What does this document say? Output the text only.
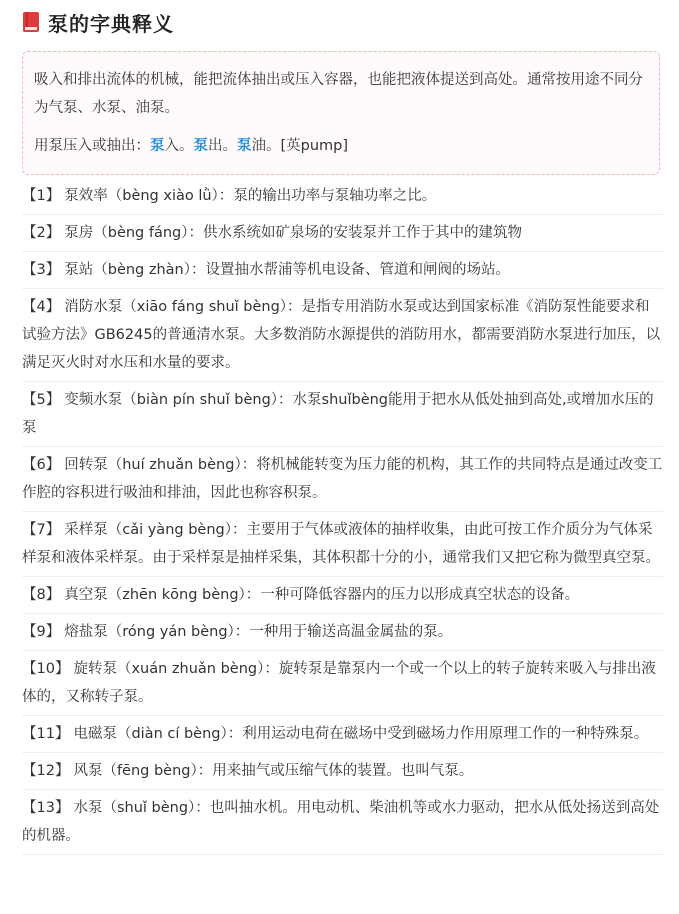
泵的字典释义

吸入和排出流体的机械，能把流体抽出或压入容器，也能把液体提送到高处。通常按用途不同分为气泵、水泵、油泵。

用泵压入或抽出：泵入。泵出。泵油。[英pump]

【1】 泵效率（bèng xiào lǜ）：泵的输出功率与泵轴功率之比。
【2】 泵房（bèng fáng）：供水系统如矿泉场的安装泵并工作于其中的建筑物
【3】 泵站（bèng zhàn）：设置抽水帮浦等机电设备、管道和闸阀的场站。
【4】 消防水泵（xiāo fáng shuǐ bèng）：是指专用消防水泵或达到国家标准《消防泵性能要求和试验方法》GB6245的普通清水泵。大多数消防水源提供的消防用水，都需要消防水泵进行加压，以满足灭火时对水压和水量的要求。
【5】 变频水泵（biàn pín shuǐ bèng）：水泵shuǐbèng能用于把水从低处抽到高处,或增加水压的泵
【6】 回转泵（huí zhuǎn bèng）：将机械能转变为压力能的机构，其工作的共同特点是通过改变工作腔的容积进行吸油和排油，因此也称容积泵。
【7】 采样泵（cǎi yàng bèng）：主要用于气体或液体的抽样收集，由此可按工作介质分为气体采样泵和液体采样泵。由于采样泵是抽样采集，其体积都十分的小，通常我们又把它称为微型真空泵。
【8】 真空泵（zhēn kōng bèng）：一种可降低容器内的压力以形成真空状态的设备。
【9】 熔盐泵（róng yán bèng）：一种用于输送高温金属盐的泵。
【10】 旋转泵（xuán zhuǎn bèng）：旋转泵是靠泵内一个或一个以上的转子旋转来吸入与排出液体的，又称转子泵。
【11】 电磁泵（diàn cí bèng）：利用运动电荷在磁场中受到磁场力作用原理工作的一种特殊泵。
【12】 风泵（fēng bèng）：用来抽气或压缩气体的装置。也叫气泵。
【13】 水泵（shuǐ bèng）：也叫抽水机。用电动机、柴油机等或水力驱动，把水从低处扬送到高处的机器。
